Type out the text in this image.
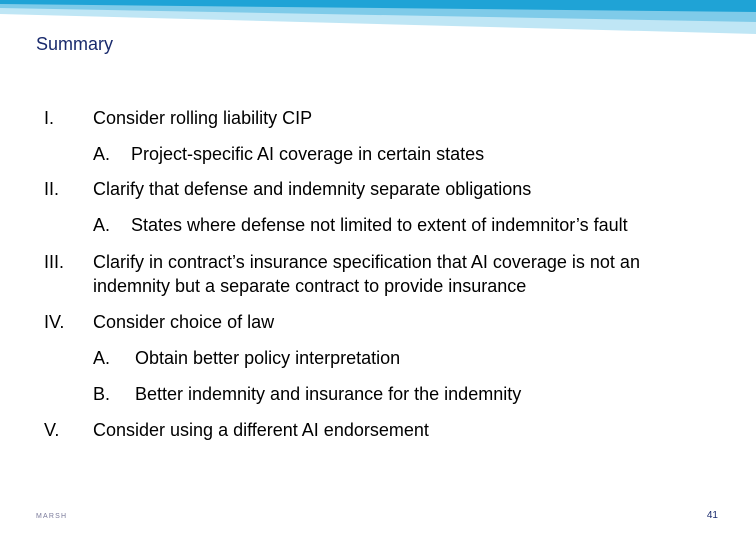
Summary
I. Consider rolling liability CIP
A. Project-specific AI coverage in certain states
II. Clarify that defense and indemnity separate obligations
A. States where defense not limited to extent of indemnitor’s fault
III. Clarify in contract’s insurance specification that AI coverage is not an
indemnity but a separate contract to provide insurance
IV. Consider choice of law
A. Obtain better policy interpretation
B. Better indemnity and insurance for the indemnity
V. Consider using a different AI endorsement
MARSH	41
